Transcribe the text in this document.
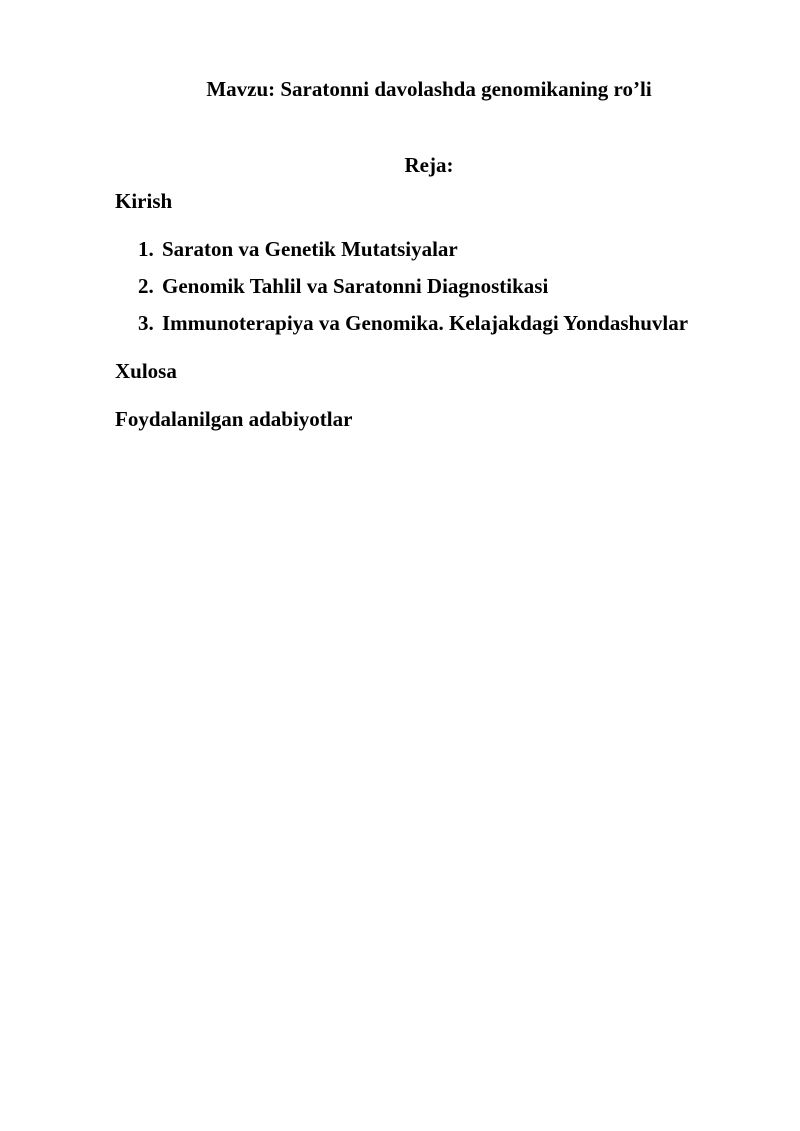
Mavzu: Saratonni davolashda genomikaning ro’li
Reja:
Kirish
1. Saraton va Genetik Mutatsiyalar
2. Genomik Tahlil va Saratonni Diagnostikasi
3. Immunoterapiya va Genomika. Kelajakdagi Yondashuvlar
Xulosa
Foydalanilgan adabiyotlar
